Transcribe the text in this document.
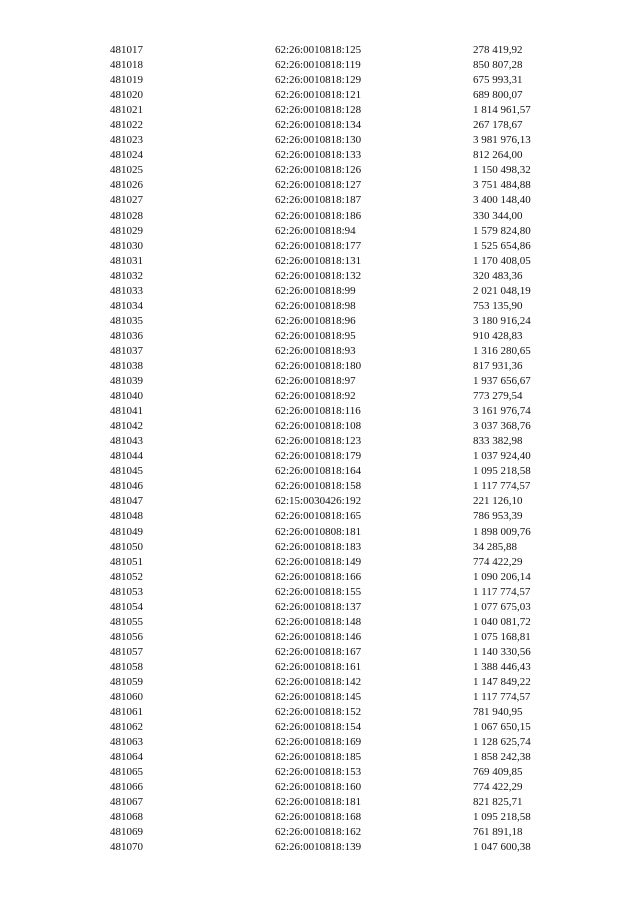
481017	62:26:0010818:125	278 419,92
481018	62:26:0010818:119	850 807,28
481019	62:26:0010818:129	675 993,31
481020	62:26:0010818:121	689 800,07
481021	62:26:0010818:128	1 814 961,57
481022	62:26:0010818:134	267 178,67
481023	62:26:0010818:130	3 981 976,13
481024	62:26:0010818:133	812 264,00
481025	62:26:0010818:126	1 150 498,32
481026	62:26:0010818:127	3 751 484,88
481027	62:26:0010818:187	3 400 148,40
481028	62:26:0010818:186	330 344,00
481029	62:26:0010818:94	1 579 824,80
481030	62:26:0010818:177	1 525 654,86
481031	62:26:0010818:131	1 170 408,05
481032	62:26:0010818:132	320 483,36
481033	62:26:0010818:99	2 021 048,19
481034	62:26:0010818:98	753 135,90
481035	62:26:0010818:96	3 180 916,24
481036	62:26:0010818:95	910 428,83
481037	62:26:0010818:93	1 316 280,65
481038	62:26:0010818:180	817 931,36
481039	62:26:0010818:97	1 937 656,67
481040	62:26:0010818:92	773 279,54
481041	62:26:0010818:116	3 161 976,74
481042	62:26:0010818:108	3 037 368,76
481043	62:26:0010818:123	833 382,98
481044	62:26:0010818:179	1 037 924,40
481045	62:26:0010818:164	1 095 218,58
481046	62:26:0010818:158	1 117 774,57
481047	62:15:0030426:192	221 126,10
481048	62:26:0010818:165	786 953,39
481049	62:26:0010808:181	1 898 009,76
481050	62:26:0010818:183	34 285,88
481051	62:26:0010818:149	774 422,29
481052	62:26:0010818:166	1 090 206,14
481053	62:26:0010818:155	1 117 774,57
481054	62:26:0010818:137	1 077 675,03
481055	62:26:0010818:148	1 040 081,72
481056	62:26:0010818:146	1 075 168,81
481057	62:26:0010818:167	1 140 330,56
481058	62:26:0010818:161	1 388 446,43
481059	62:26:0010818:142	1 147 849,22
481060	62:26:0010818:145	1 117 774,57
481061	62:26:0010818:152	781 940,95
481062	62:26:0010818:154	1 067 650,15
481063	62:26:0010818:169	1 128 625,74
481064	62:26:0010818:185	1 858 242,38
481065	62:26:0010818:153	769 409,85
481066	62:26:0010818:160	774 422,29
481067	62:26:0010818:181	821 825,71
481068	62:26:0010818:168	1 095 218,58
481069	62:26:0010818:162	761 891,18
481070	62:26:0010818:139	1 047 600,38
